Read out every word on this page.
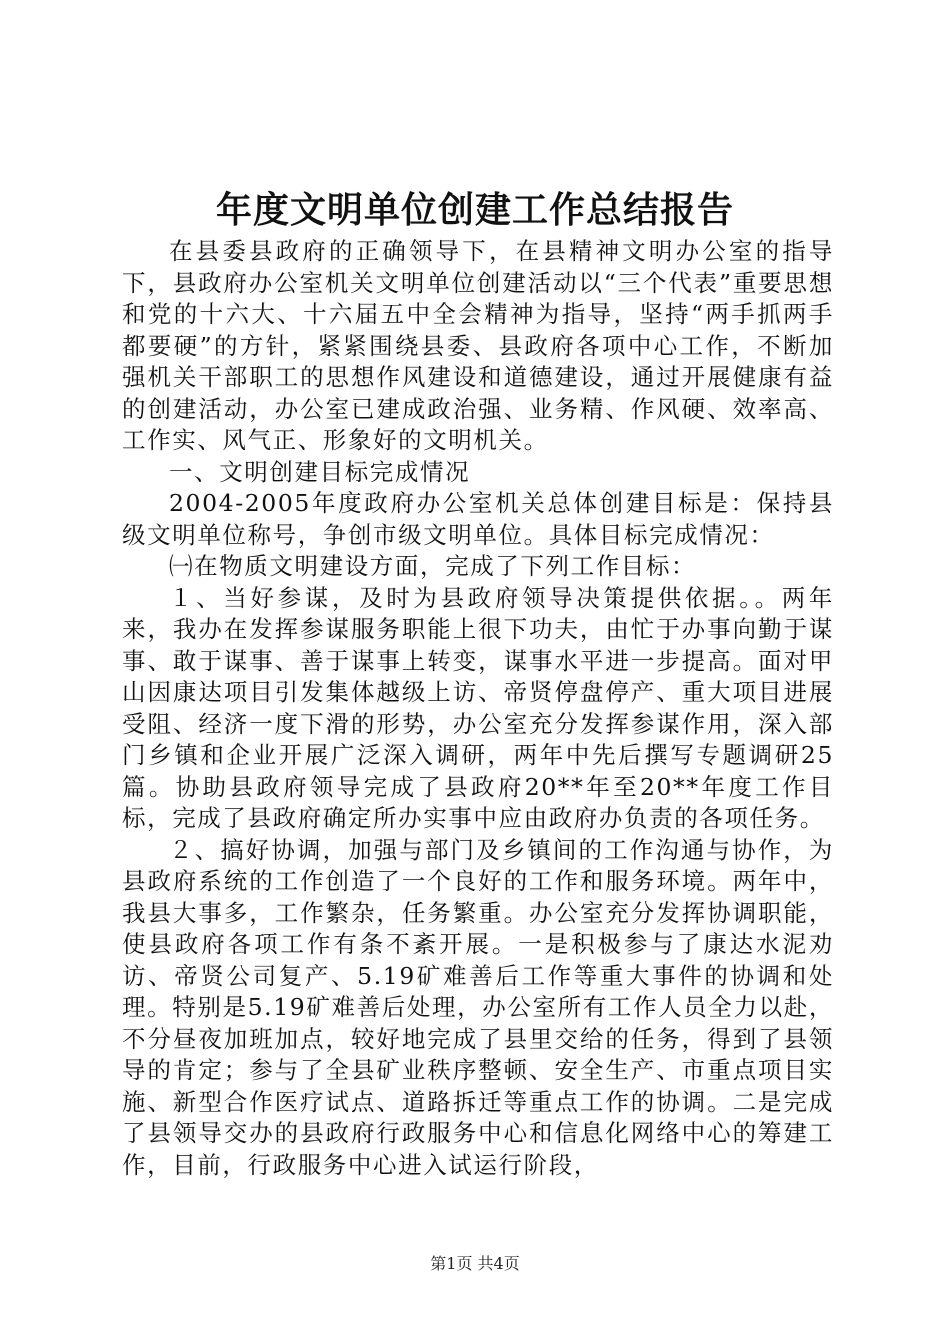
年度文明单位创建工作总结报告

在县委县政府的正确领导下，在县精神文明办公室的指导下，县政府办公室机关文明单位创建活动以“三个代表”重要思想和党的十六大、十六届五中全会精神为指导，坚持“两手抓两手都要硬”的方针，紧紧围绕县委、县政府各项中心工作，不断加强机关干部职工的思想作风建设和道德建设，通过开展健康有益的创建活动，办公室已建成政治强、业务精、作风硬、效率高、工作实、风气正、形象好的文明机关。

一、文明创建目标完成情况

2004-2005年度政府办公室机关总体创建目标是：保持县级文明单位称号，争创市级文明单位。具体目标完成情况：

㈠在物质文明建设方面，完成了下列工作目标：

１、当好参谋，及时为县政府领导决策提供依据。。两年来，我办在发挥参谋服务职能上很下功夫，由忙于办事向勤于谋事、敢于谋事、善于谋事上转变，谋事水平进一步提高。面对甲山因康达项目引发集体越级上访、帝贤停盘停产、重大项目进展受阻、经济一度下滑的形势，办公室充分发挥参谋作用，深入部门乡镇和企业开展广泛深入调研，两年中先后撰写专题调研25篇。协助县政府领导完成了县政府20**年至20**年度工作目标，完成了县政府确定所办实事中应由政府办负责的各项任务。

２、搞好协调，加强与部门及乡镇间的工作沟通与协作，为县政府系统的工作创造了一个良好的工作和服务环境。两年中，我县大事多，工作繁杂，任务繁重。办公室充分发挥协调职能，使县政府各项工作有条不紊开展。一是积极参与了康达水泥劝访、帝贤公司复产、5.19矿难善后工作等重大事件的协调和处理。特别是5.19矿难善后处理，办公室所有工作人员全力以赴，不分昼夜加班加点，较好地完成了县里交给的任务，得到了县领导的肯定；参与了全县矿业秩序整顿、安全生产、市重点项目实施、新型合作医疗试点、道路拆迁等重点工作的协调。二是完成了县领导交办的县政府行政服务中心和信息化网络中心的筹建工作，目前，行政服务中心进入试运行阶段，

第1页 共4页
